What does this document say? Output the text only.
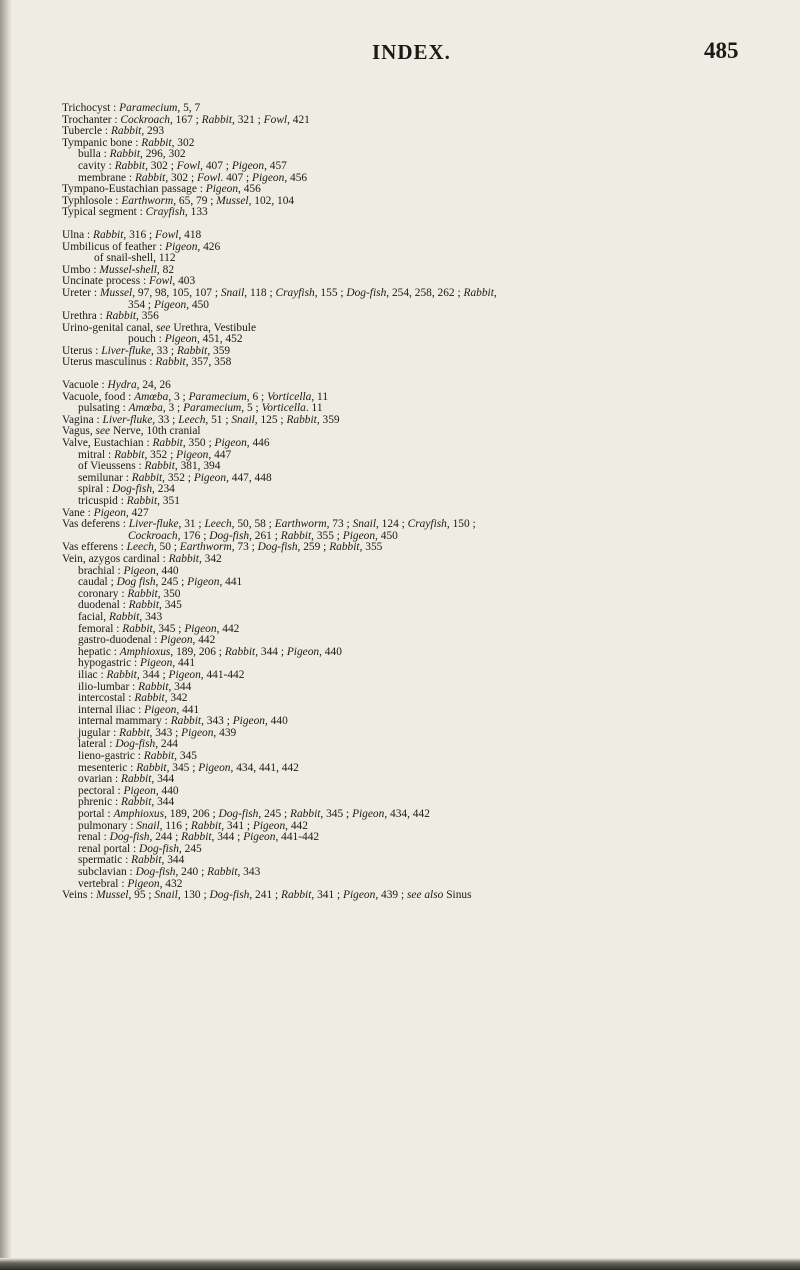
INDEX.	485
Trichocyst : Paramecium, 5, 7
Trochanter : Cockroach, 167 ; Rabbit, 321 ; Fowl, 421
Tubercle : Rabbit, 293
Tympanic bone : Rabbit, 302
bulla : Rabbit, 296, 302
cavity : Rabbit, 302 ; Fowl, 407 ; Pigeon, 457
membrane : Rabbit, 302 ; Fowl. 407 ; Pigeon, 456
Tympano-Eustachian passage : Pigeon, 456
Typhlosole : Earthworm, 65, 79 ; Mussel, 102, 104
Typical segment : Crayfish, 133
Ulna : Rabbit, 316 ; Fowl, 418
Umbilicus of feather : Pigeon, 426
of snail-shell, 112
Umbo : Mussel-shell, 82
Uncinate process : Fowl, 403
Ureter : Mussel, 97, 98, 105, 107 ; Snail, 118 ; Crayfish, 155 ; Dog-fish, 254, 258, 262 ; Rabbit,
354 ; Pigeon, 450
Urethra : Rabbit, 356
Urino-genital canal, see Urethra, Vestibule
pouch : Pigeon, 451, 452
Uterus : Liver-fluke, 33 ; Rabbit, 359
Uterus masculinus : Rabbit, 357, 358
Vacuole : Hydra, 24, 26
Vacuole, food : Amœba, 3 ; Paramecium, 6 ; Vorticella, 11
pulsating : Amœba, 3 ; Paramecium, 5 ; Vorticella. 11
Vagina : Liver-fluke, 33 ; Leech, 51 ; Snail, 125 ; Rabbit, 359
Vagus, see Nerve, 10th cranial
Valve, Eustachian : Rabbit, 350 ; Pigeon, 446
mitral : Rabbit, 352 ; Pigeon, 447
of Vieussens : Rabbit, 381, 394
semilunar : Rabbit, 352 ; Pigeon, 447, 448
spiral : Dog-fish, 234
tricuspid : Rabbit, 351
Vane : Pigeon, 427
Vas deferens : Liver-fluke, 31 ; Leech, 50, 58 ; Earthworm, 73 ; Snail, 124 ; Crayfish, 150 ;
Cockroach, 176 ; Dog-fish, 261 ; Rabbit, 355 ; Pigeon, 450
Vas efferens : Leech, 50 ; Earthworm, 73 ; Dog-fish, 259 ; Rabbit, 355
Vein, azygos cardinal : Rabbit, 342
brachial : Pigeon, 440
caudal ; Dog fish, 245 ; Pigeon, 441
coronary : Rabbit, 350
duodenal : Rabbit, 345
facial, Rabbit, 343
femoral : Rabbit, 345 ; Pigeon, 442
gastro-duodenal : Pigeon, 442
hepatic : Amphioxus, 189, 206 ; Rabbit, 344 ; Pigeon, 440
hypogastric : Pigeon, 441
iliac : Rabbit, 344 ; Pigeon, 441-442
ilio-lumbar : Rabbit, 344
intercostal : Rabbit, 342
internal iliac : Pigeon, 441
internal mammary : Rabbit, 343 ; Pigeon, 440
jugular : Rabbit, 343 ; Pigeon, 439
lateral : Dog-fish, 244
lieno-gastric : Rabbit, 345
mesenteric : Rabbit, 345 ; Pigeon, 434, 441, 442
ovarian : Rabbit, 344
pectoral : Pigeon, 440
phrenic : Rabbit, 344
portal : Amphioxus, 189, 206 ; Dog-fish, 245 ; Rabbit, 345 ; Pigeon, 434, 442
pulmonary : Snail, 116 ; Rabbit, 341 ; Pigeon, 442
renal : Dog-fish, 244 ; Rabbit, 344 ; Pigeon, 441-442
renal portal : Dog-fish, 245
spermatic : Rabbit, 344
subclavian : Dog-fish, 240 ; Rabbit, 343
vertebral : Pigeon, 432
Veins : Mussel, 95 ; Snail, 130 ; Dog-fish, 241 ; Rabbit, 341 ; Pigeon, 439 ; see also Sinus
